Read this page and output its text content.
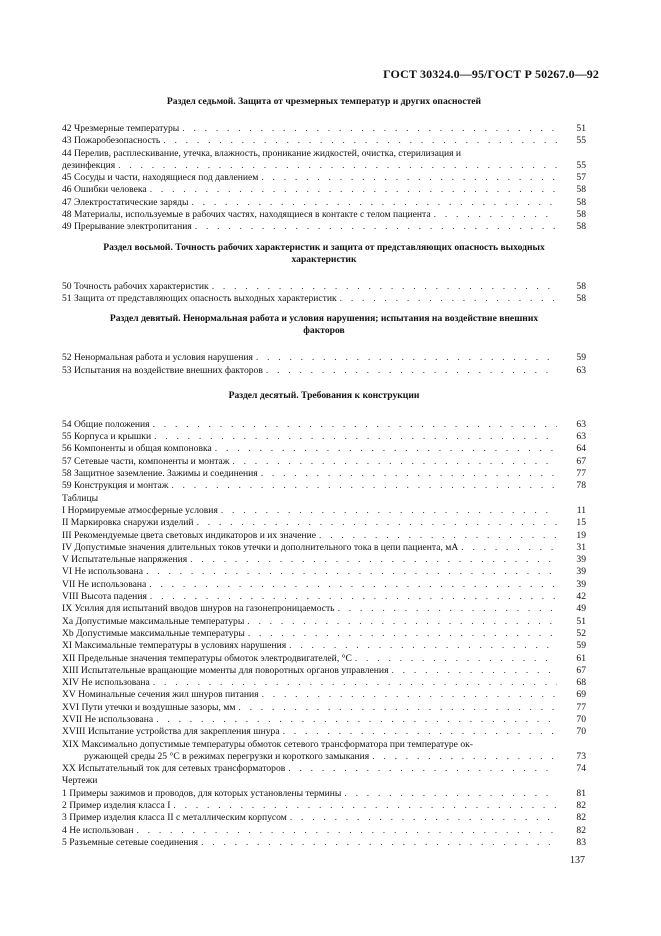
ГОСТ 30324.0—95/ГОСТ Р 50267.0—92
Раздел седьмой. Защита от чрезмерных температур и других опасностей
42 Чрезмерные температуры . . .	51
43 Пожаробезопасность . . .	55
44 Перелив, расплескивание, утечка, влажность, проникание жидкостей, очистка, стерилизация и
дезинфекция . . .	55
45 Сосуды и части, находящиеся под давлением . . .	57
46 Ошибки человека . . .	58
47 Электростатические заряды . . .	58
48 Материалы, используемые в рабочих частях, находящиеся в контакте с телом пациента . . .	58
49 Прерывание электропитания . . .	58
Раздел восьмой. Точность рабочих характеристик и защита от представляющих опасность выходных
характеристик
50 Точность рабочих характеристик . . .	58
51 Защита от представляющих опасность выходных характеристик . . .	58
Раздел девятый. Ненормальная работа и условия нарушения; испытания на воздействие внешних
факторов
52 Ненормальная работа и условия нарушения . . .	59
53 Испытания на воздействие внешних факторов . . .	63
Раздел десятый. Требования к конструкции
54 Общие положения . . .	63
55 Корпуса и крышки . . .	63
56 Компоненты и общая компоновка . . .	64
57 Сетевые части, компоненты и монтаж . . .	67
58 Защитное заземление. Зажимы и соединения . . .	77
59 Конструкция и монтаж . . .	78
Таблицы
I Нормируемые атмосферные условия . . .	11
II Маркировка снаружи изделий . . .	15
III Рекомендуемые цвета световых индикаторов и их значение . . .	19
IV Допустимые значения длительных токов утечки и дополнительного тока в цепи пациента, мА . . .	31
V Испытательные напряжения . . .	39
VI Не использована . . .	39
VII Не использована . . .	39
VIII Высота падения . . .	42
IX Усилия для испытаний вводов шнуров на газонепроницаемость . . .	49
Xa Допустимые максимальные температуры . . .	51
Xb Допустимые максимальные температуры . . .	52
XI Максимальные температуры в условиях нарушения . . .	59
XII Предельные значения температуры обмоток электродвигателей, °С . . .	61
XIII Испытательные вращающие моменты для поворотных органов управления . . .	67
XIV Не использована . . .	68
XV Номинальные сечения жил шнуров питания . . .	69
XVI Пути утечки и воздушные зазоры, мм . . .	77
XVII Не использована . . .	70
XVIII Испытание устройства для закрепления шнура . . .	70
XIX Максимально допустимые температуры обмоток сетевого трансформатора при температуре ок-
ружающей среды 25 °С в режимах перегрузки и короткого замыкания . . .	73
XX Испытательный ток для сетевых трансформаторов . . .	74
Чертежи
1 Примеры зажимов и проводов, для которых установлены термины . . .	81
2 Пример изделия класса I . . .	82
3 Пример изделия класса II с металлическим корпусом . . .	82
4 Не использован . . .	82
5 Разъемные сетевые соединения . . .	83
137
